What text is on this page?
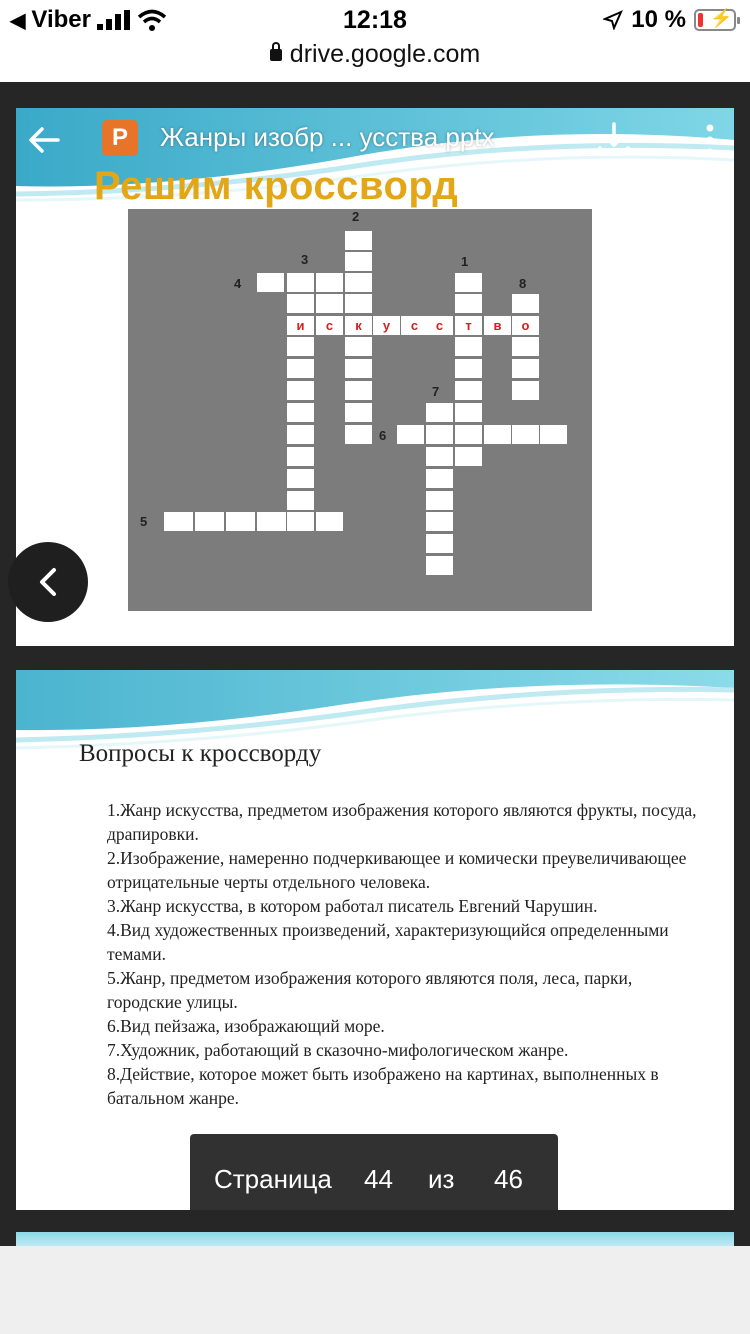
◀ Viber	12:18	10 % ⚡
drive.google.com
Решим кроссворд
и	с	к	у	с	с	т	в	о
2
3	1
8
4
7
6
5
P	Жанры изобр ... усства.pptx
Вопросы к кроссворду
1.Жанр искусства, предметом изображения которого являются фрукты, посуда, драпировки.
2.Изображение, намеренно подчеркивающее и комически преувеличивающее отрицательные черты отдельного человека.
3.Жанр искусства, в котором работал писатель Евгений Чарушин.
4.Вид художественных произведений, характеризующийся определенными темами.
5.Жанр, предметом изображения которого являются поля, леса, парки, городские улицы.
6.Вид пейзажа, изображающий море.
7.Художник, работающий в сказочно-мифологическом жанре.
8.Действие, которое может быть изображено на картинах, выполненных в батальном жанре.
Страница 44 из 46
